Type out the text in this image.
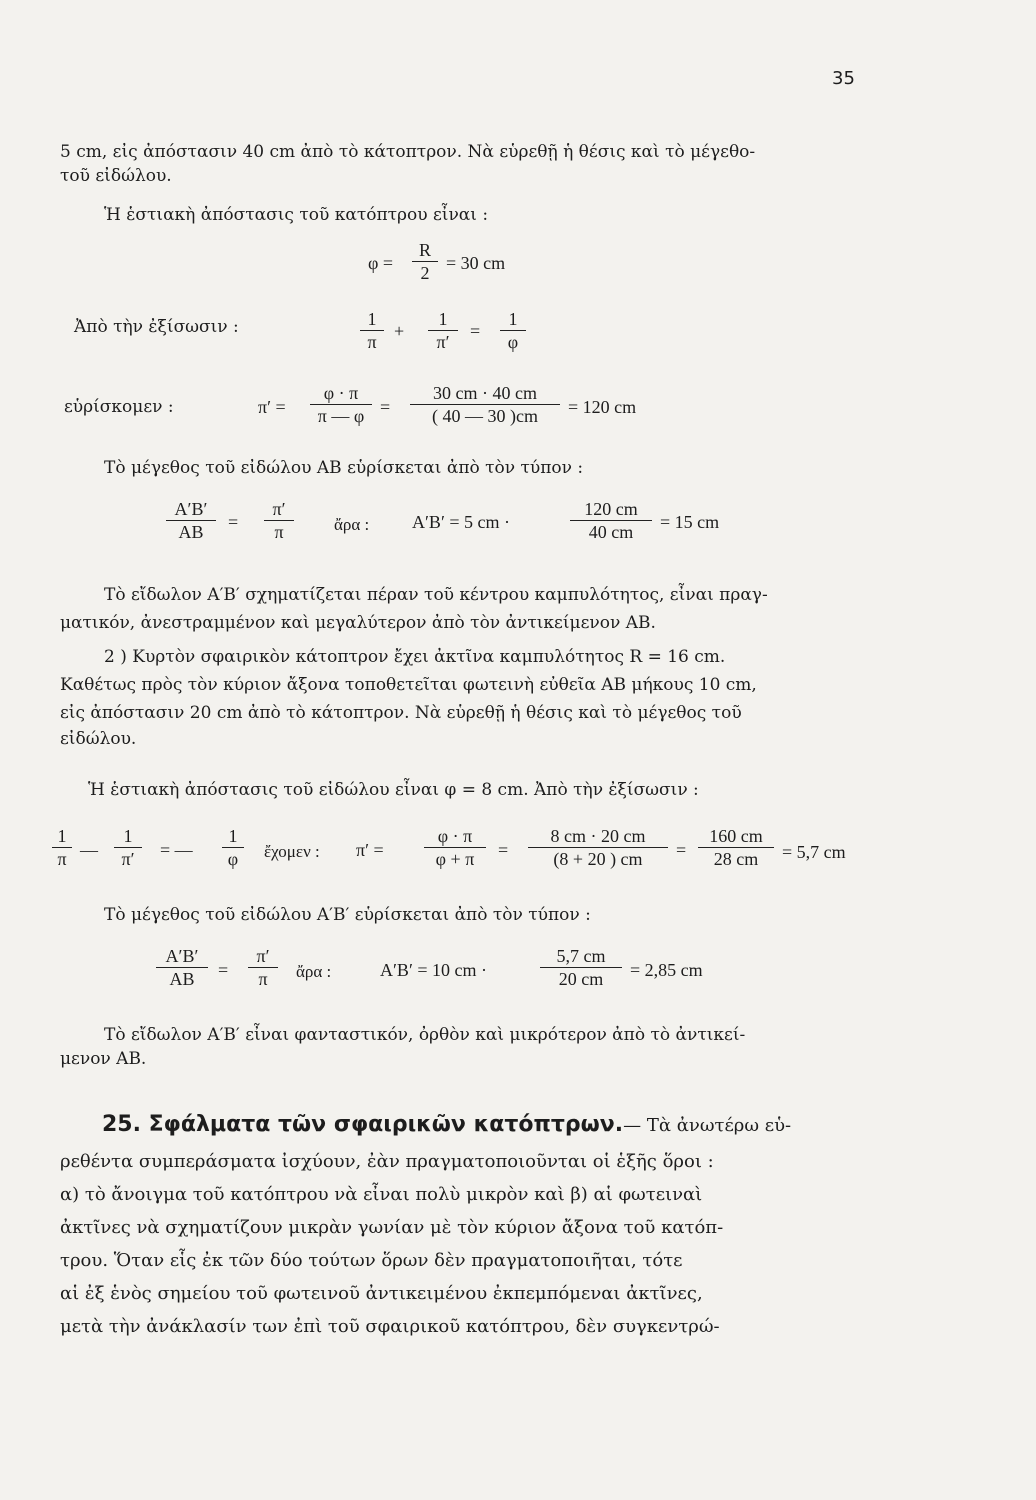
35
5 cm, εἰς ἀπόστασιν 40 cm ἀπὸ τὸ κάτοπτρον. Νὰ εὑρεθῇ ἡ θέσις καὶ τὸ μέγεθο-
τοῦ εἰδώλου.
Ἡ ἑστιακὴ ἀπόστασις τοῦ κατόπτρου εἶναι :
$\varphi = \frac{R}{2} = 30$ cm
Ἀπὸ τὴν ἐξίσωσιν :	$\frac{1}{\pi} + \frac{1}{\pi'} = \frac{1}{\varphi}$
εὑρίσκομεν :	$\pi' = \frac{\varphi \cdot \pi}{\pi — \varphi} = \frac{30 cm \cdot 40 cm}{( 40 — 30 )cm} = 120$ cm
Τὸ μέγεθος τοῦ εἰδώλου ΑΒ εὑρίσκεται ἀπὸ τὸν τύπον :
$\frac{A'B'}{AB} = \frac{\pi'}{\pi}$ ἄρα : Α′Β′ = 5 cm ·	$\frac{120 cm}{40 cm} = 15$ cm
Τὸ εἴδωλον Α′Β′ σχηματίζεται πέραν τοῦ κέντρου καμπυλότητος, εἶναι πραγ-
ματικόν, ἀνεστραμμένον καὶ μεγαλύτερον ἀπὸ τὸν ἀντικείμενον ΑΒ.
2 ) Κυρτὸν σφαιρικὸν κάτοπτρον ἔχει ἀκτῖνα καμπυλότητος R = 16 cm.
Καθέτως πρὸς τὸν κύριον ἄξονα τοποθετεῖται φωτεινὴ εὐθεῖα ΑΒ μήκους 10 cm,
εἰς ἀπόστασιν 20 cm ἀπὸ τὸ κάτοπτρον. Νὰ εὑρεθῇ ἡ θέσις καὶ τὸ μέγεθος τοῦ
εἰδώλου.
Ἡ ἑστιακὴ ἀπόστασις τοῦ εἰδώλου εἶναι φ = 8 cm. Ἀπὸ τὴν ἐξίσωσιν :
$\frac{1}{\pi}$ — $\frac{1}{\pi'}$ = — $\frac{1}{\varphi}$ ἔχομεν : $\pi' = \frac{\varphi \cdot \pi}{\varphi + \pi} = \frac{8 cm \cdot 20 cm}{(8 + 20 ) cm} = \frac{160 cm}{28 cm} = 5,7$ cm
Τὸ μέγεθος τοῦ εἰδώλου Α′Β′ εὑρίσκεται ἀπὸ τὸν τύπον :
$\frac{A'B'}{AB} = \frac{\pi'}{\pi}$ ἄρα :	Α′Β′ = 10 cm ·	$\frac{5,7 cm}{20 cm} = 2,85$ cm
Τὸ εἴδωλον Α′Β′ εἶναι φανταστικόν, ὀρθὸν καὶ μικρότερον ἀπὸ τὸ ἀντικεί-
μενον ΑΒ.
25. Σφάλματα τῶν σφαιρικῶν κατόπτρων.— Τὰ ἀνωτέρω εὑ-
ρεθέντα συμπεράσματα ἰσχύουν, ἐὰν πραγματοποιοῦνται οἱ ἑξῆς ὅροι :
α) τὸ ἄνοιγμα τοῦ κατόπτρου νὰ εἶναι πολὺ μικρὸν καὶ β) αἱ φωτειναὶ
ἀκτῖνες νὰ σχηματίζουν μικρὰν γωνίαν μὲ τὸν κύριον ἄξονα τοῦ κατόπ-
τρου. Ὅταν εἷς ἐκ τῶν δύο τούτων ὅρων δὲν πραγματοποιῆται, τότε
αἱ ἐξ ἑνὸς σημείου τοῦ φωτεινοῦ ἀντικειμένου ἐκπεμπόμεναι ἀκτῖνες,
μετὰ τὴν ἀνάκλασίν των ἐπὶ τοῦ σφαιρικοῦ κατόπτρου, δὲν συγκεντρώ-
